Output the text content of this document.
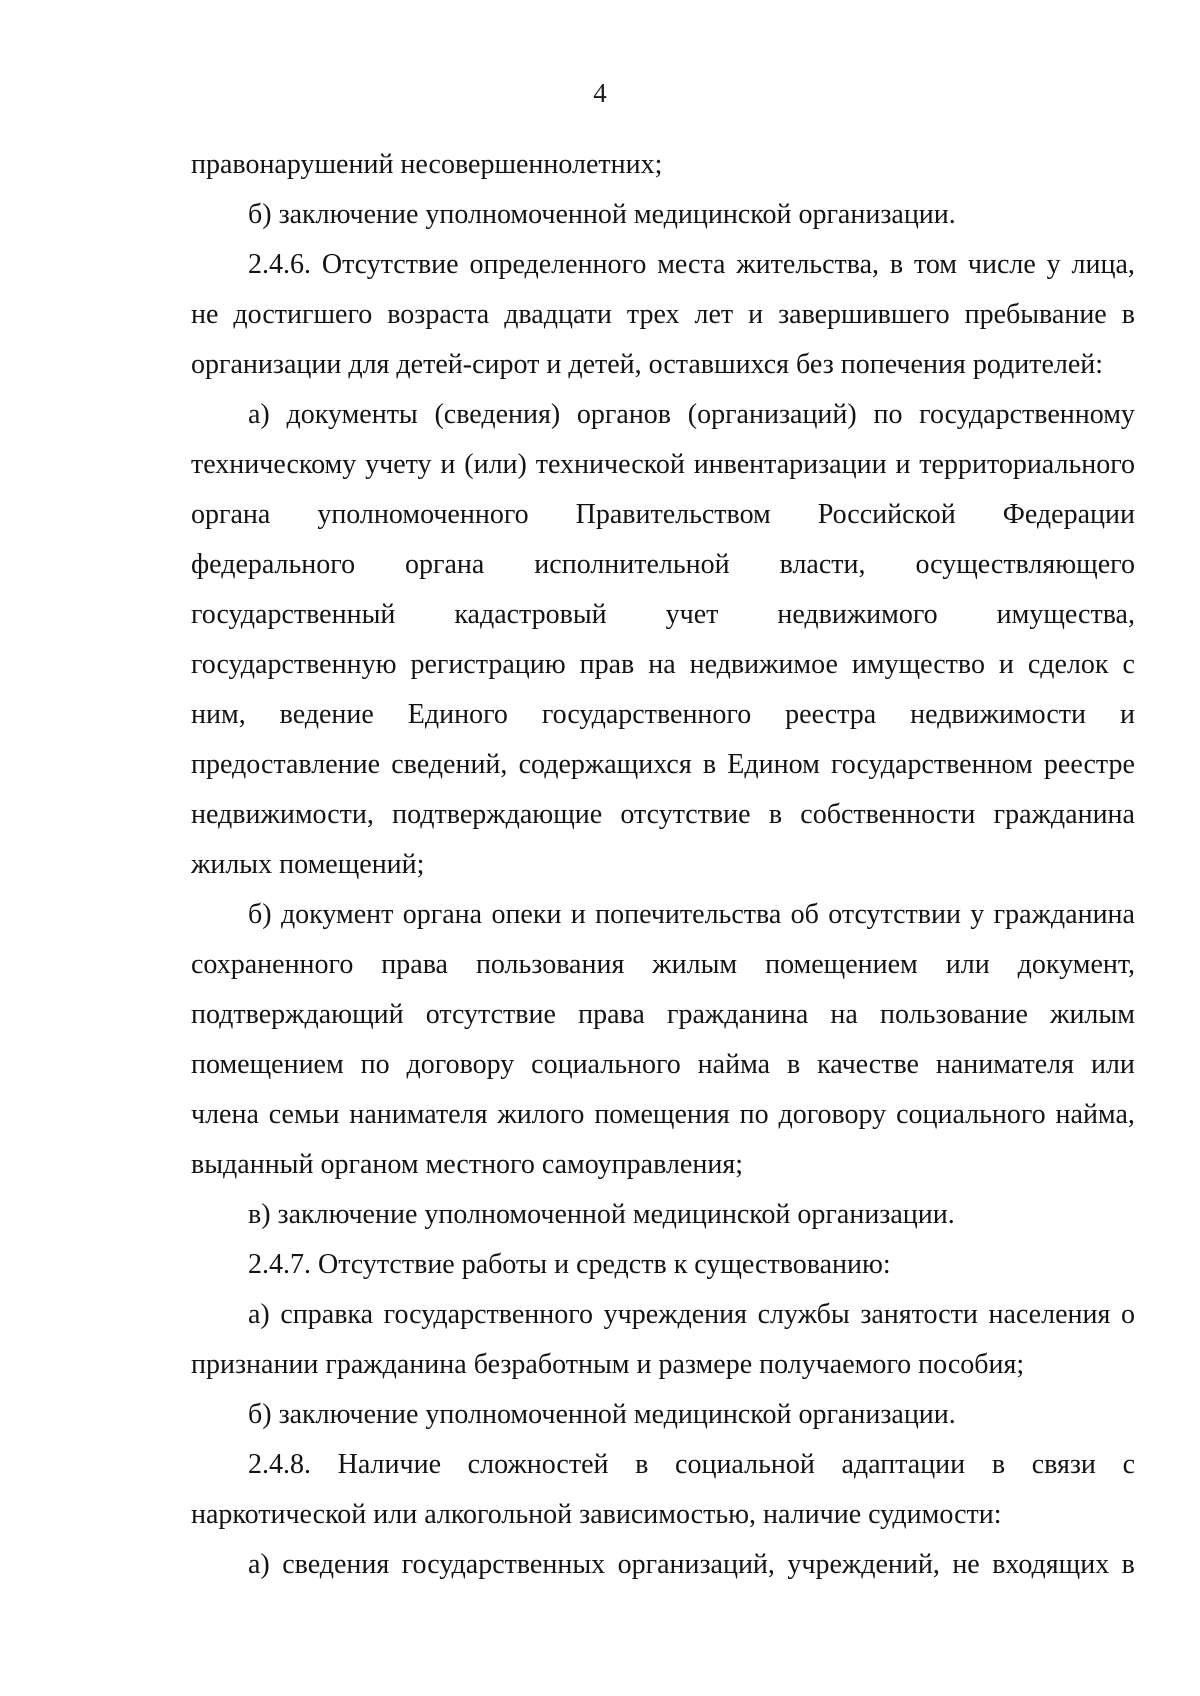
4
правонарушений несовершеннолетних;
б) заключение уполномоченной медицинской организации.
2.4.6. Отсутствие определенного места жительства, в том числе у лица,
не достигшего возраста двадцати трех лет и завершившего пребывание в
организации для детей-сирот и детей, оставшихся без попечения родителей:
а) документы (сведения) органов (организаций) по государственному
техническому учету и (или) технической инвентаризации и территориального
органа уполномоченного Правительством Российской Федерации
федерального органа исполнительной власти, осуществляющего
государственный кадастровый учет недвижимого имущества,
государственную регистрацию прав на недвижимое имущество и сделок с
ним, ведение Единого государственного реестра недвижимости и
предоставление сведений, содержащихся в Едином государственном реестре
недвижимости, подтверждающие отсутствие в собственности гражданина
жилых помещений;
б) документ органа опеки и попечительства об отсутствии у гражданина
сохраненного права пользования жилым помещением или документ,
подтверждающий отсутствие права гражданина на пользование жилым
помещением по договору социального найма в качестве нанимателя или
члена семьи нанимателя жилого помещения по договору социального найма,
выданный органом местного самоуправления;
в) заключение уполномоченной медицинской организации.
2.4.7. Отсутствие работы и средств к существованию:
а) справка государственного учреждения службы занятости населения о
признании гражданина безработным и размере получаемого пособия;
б) заключение уполномоченной медицинской организации.
2.4.8. Наличие сложностей в социальной адаптации в связи с
наркотической или алкогольной зависимостью, наличие судимости:
а) сведения государственных организаций, учреждений, не входящих в
